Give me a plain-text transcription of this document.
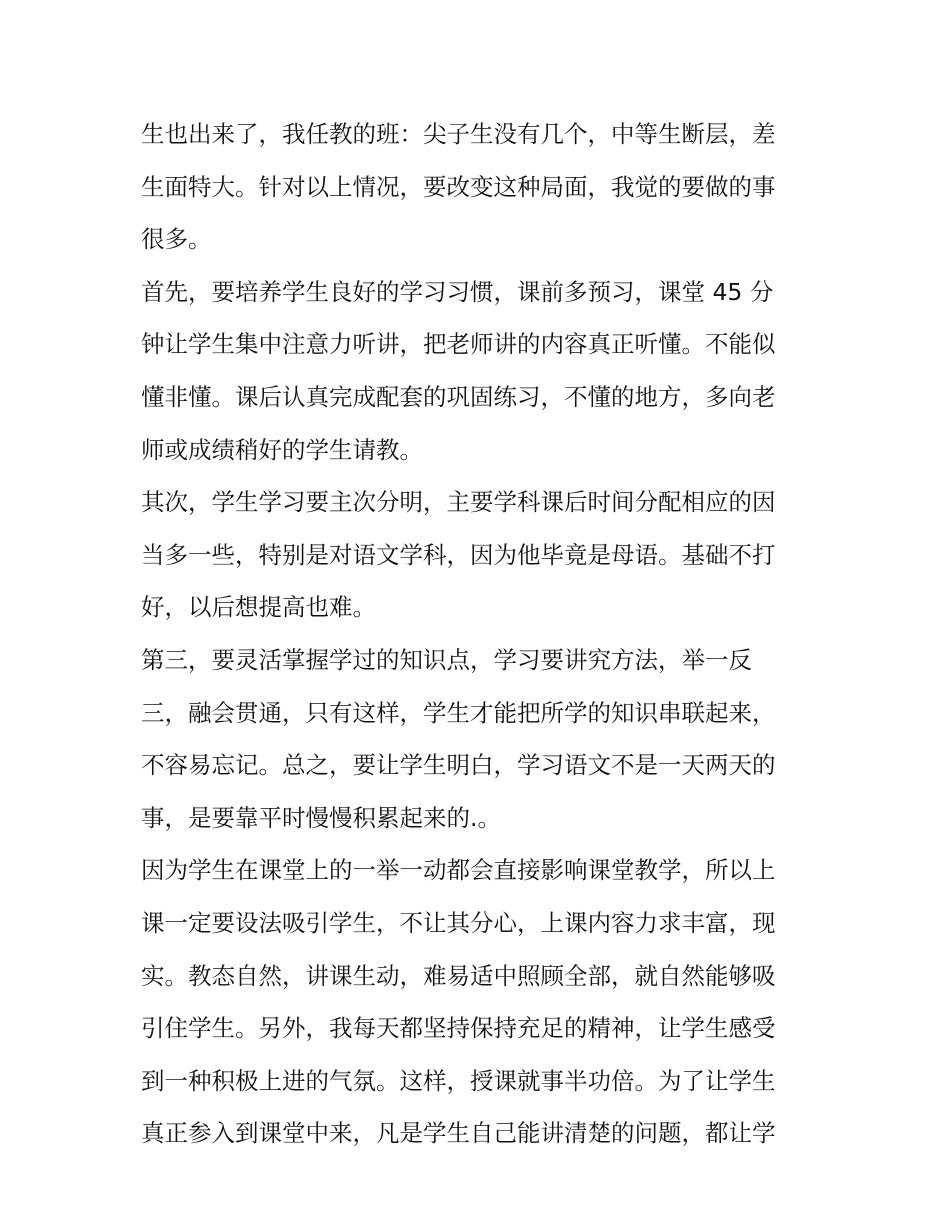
生也出来了，我任教的班：尖子生没有几个，中等生断层，差
生面特大。针对以上情况，要改变这种局面，我觉的要做的事
很多。
首先，要培养学生良好的学习习惯，课前多预习，课堂 45 分
钟让学生集中注意力听讲，把老师讲的内容真正听懂。不能似
懂非懂。课后认真完成配套的巩固练习，不懂的地方，多向老
师或成绩稍好的学生请教。
其次，学生学习要主次分明，主要学科课后时间分配相应的因
当多一些，特别是对语文学科，因为他毕竟是母语。基础不打
好，以后想提高也难。
第三，要灵活掌握学过的知识点，学习要讲究方法，举一反
三，融会贯通，只有这样，学生才能把所学的知识串联起来，
不容易忘记。总之，要让学生明白，学习语文不是一天两天的
事，是要靠平时慢慢积累起来的.。
因为学生在课堂上的一举一动都会直接影响课堂教学，所以上
课一定要设法吸引学生，不让其分心，上课内容力求丰富，现
实。教态自然，讲课生动，难易适中照顾全部，就自然能够吸
引住学生。另外，我每天都坚持保持充足的精神，让学生感受
到一种积极上进的气氛。这样，授课就事半功倍。为了让学生
真正参入到课堂中来，凡是学生自己能讲清楚的问题，都让学
